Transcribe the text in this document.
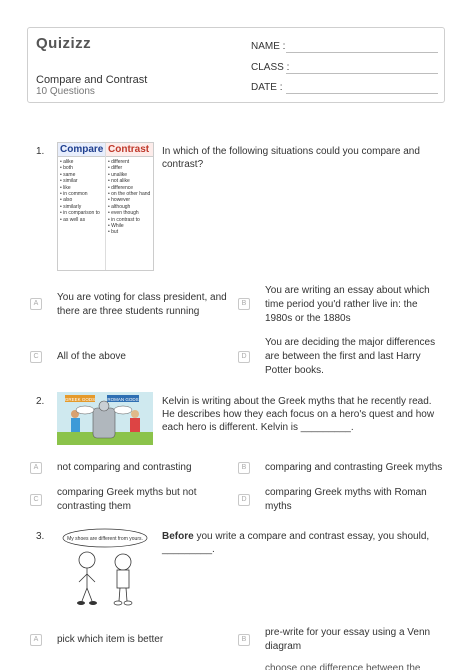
Quizizz
Compare and Contrast
10 Questions
NAME :
CLASS :
DATE :
1. Compare
• alike
• both
• same
• similar
• like
• in common
• also
• similarly
• in comparison to
• as well as
Contrast
• different
• differ
• unalike
• not alike
• difference
• on the other hand
• however
• although
• even though
• in contrast to
• While
• but
In which of the following situations could you compare and contrast?
A
You are voting for class president, and there are three students running
B
You are writing an essay about which time period you'd rather live in: the 1980s or the 1880s
C	All of the above	D
You are deciding the major differences are between the first and last Harry Potter books.
2.	GREEK GODS	ROMAN GODS Kelvin is writing about the Greek myths that he recently read. He describes how they each focus on a hero's quest and how each hero is different. Kelvin is _________.
A	not comparing and contrasting	B	comparing and contrasting Greek myths
C
comparing Greek myths but not contrasting them
D
comparing Greek myths with Roman myths
3.	My shoes are different from yours. Before you write a compare and contrast essay, you should, _________.
A	pick which item is better	B
pre-write for your essay using a Venn diagram
choose one difference between the
